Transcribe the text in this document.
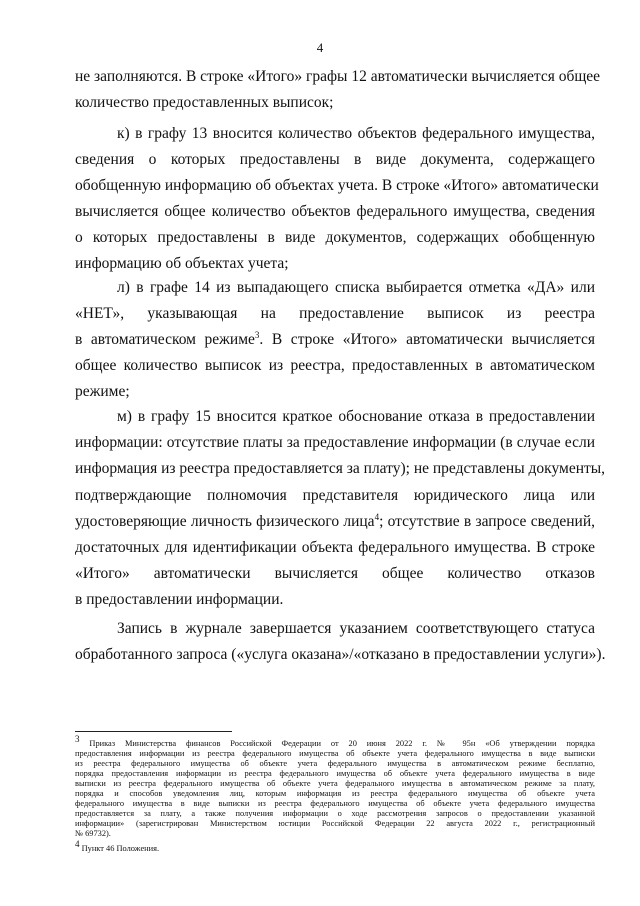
4
не заполняются. В строке «Итого» графы 12 автоматически вычисляется общее
количество предоставленных выписок;
к) в графу 13 вносится количество объектов федерального имущества,
сведения о которых предоставлены в виде документа, содержащего
обобщенную информацию об объектах учета. В строке «Итого» автоматически
вычисляется общее количество объектов федерального имущества, сведения
о которых предоставлены в виде документов, содержащих обобщенную
информацию об объектах учета;
л) в графе 14 из выпадающего списка выбирается отметка «ДА» или
«НЕТ», указывающая на предоставление выписок из реестра
в автоматическом режиме$^3$. В строке «Итого» автоматически вычисляется
общее количество выписок из реестра, предоставленных в автоматическом
режиме;
м) в графу 15 вносится краткое обоснование отказа в предоставлении
информации: отсутствие платы за предоставление информации (в случае если
информация из реестра предоставляется за плату); не представлены документы,
подтверждающие полномочия представителя юридического лица или
удостоверяющие личность физического лица$^4$; отсутствие в запросе сведений,
достаточных для идентификации объекта федерального имущества. В строке
«Итого» автоматически вычисляется общее количество отказов
в предоставлении информации.
Запись в журнале завершается указанием соответствующего статуса
обработанного запроса («услуга оказана»/«отказано в предоставлении услуги»).
$^3$ Приказ Министерства финансов Российской Федерации от 20 июня 2022 г. № 95н «Об утверждении порядка
предоставления информации из реестра федерального имущества об объекте учета федерального имущества в виде выписки
из реестра федерального имущества об объекте учета федерального имущества в автоматическом режиме бесплатно,
порядка предоставления информации из реестра федерального имущества об объекте учета федерального имущества в виде
выписки из реестра федерального имущества об объекте учета федерального имущества в автоматическом режиме за плату,
порядка и способов уведомления лиц, которым информация из реестра федерального имущества об объекте учета
федерального имущества в виде выписки из реестра федерального имущества об объекте учета федерального имущества
предоставляется за плату, а также получения информации о ходе рассмотрения запросов о предоставлении указанной
информации» (зарегистрирован Министерством юстиции Российской Федерации 22 августа 2022 г., регистрационный
№ 69732).
$^4$ Пункт 46 Положения.
